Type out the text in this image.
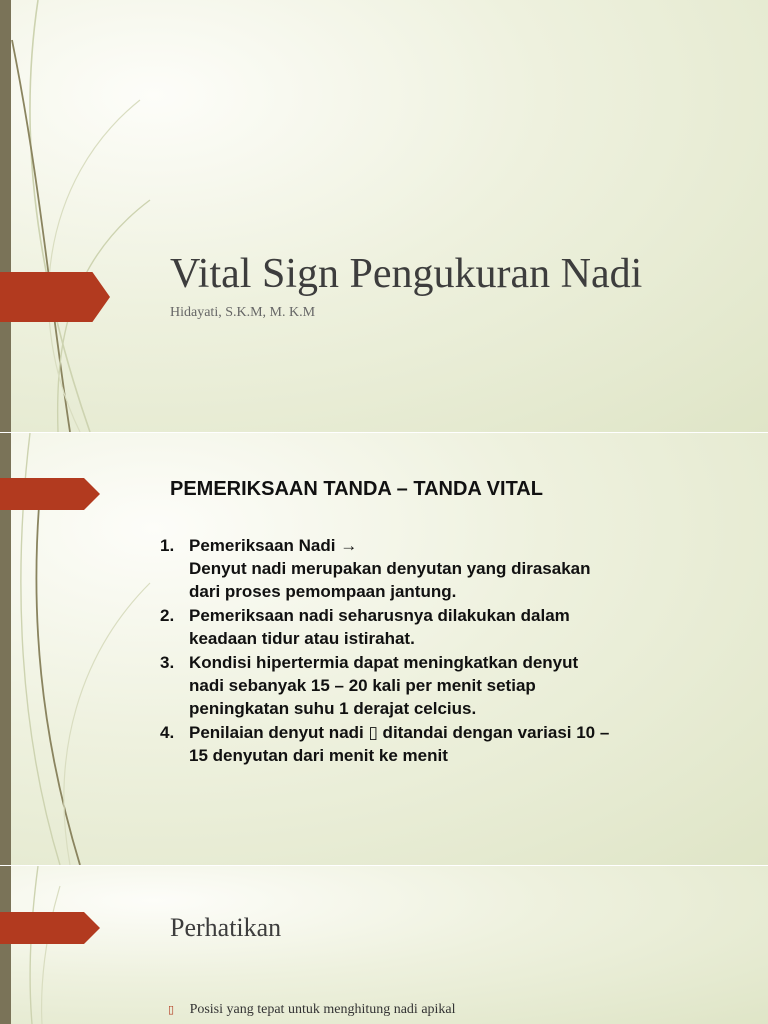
Vital Sign Pengukuran Nadi

Hidayati, S.K.M, M. K.M

PEMERIKSAAN TANDA – TANDA VITAL
1. Pemeriksaan Nadi →
Denyut nadi merupakan denyutan yang dirasakan
dari proses pemompaan jantung.
2. Pemeriksaan nadi seharusnya dilakukan dalam
keadaan tidur atau istirahat.
3. Kondisi hipertermia dapat meningkatkan denyut
nadi sebanyak 15 – 20 kali per menit setiap
peningkatan suhu 1 derajat celcius.
4. Penilaian denyut nadi ▯ ditandai dengan variasi 10 –
15 denyutan dari menit ke menit
Perhatikan
▯ Posisi yang tepat untuk menghitung nadi apikal
